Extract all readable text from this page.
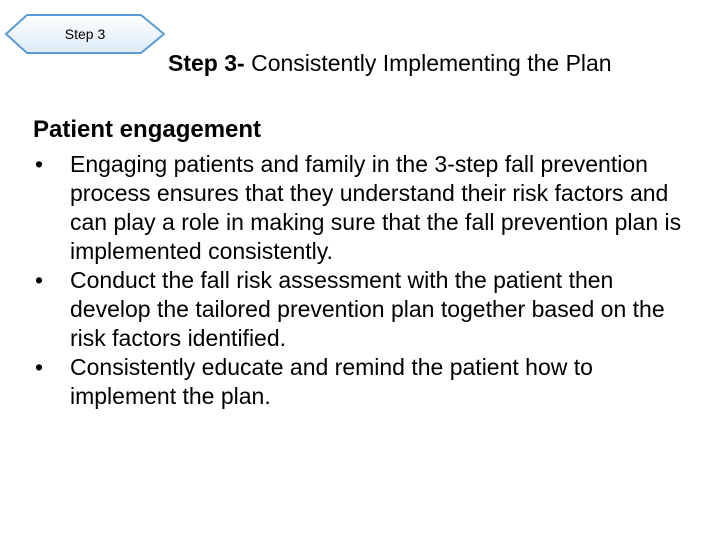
Step 3
Step 3- Consistently Implementing the Plan
Patient engagement
•	Engaging patients and family in the 3-step fall prevention process ensures that they understand their risk factors and can play a role in making sure that the fall prevention plan is implemented consistently.
•	Conduct the fall risk assessment with the patient then develop the tailored prevention plan together based on the risk factors identified.
•	Consistently educate and remind the patient how to implement the plan.
